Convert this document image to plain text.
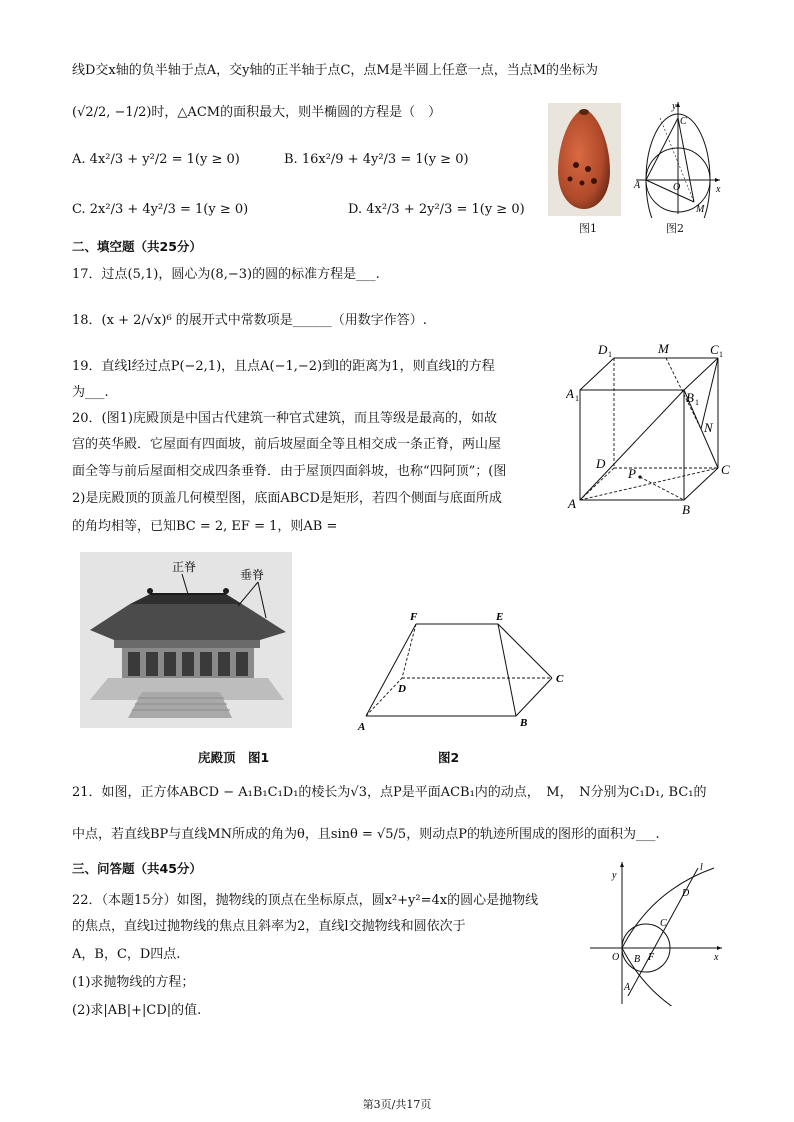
线D交x轴的负半轴于点A，交y轴的正半轴于点C，点M是半圆上任意一点，当点M的坐标为
(√2/2, −1/2)时，△ACM的面积最大，则半椭圆的方程是（　）
A. 4x²/3 + y²/2 = 1(y ≥ 0)	B. 16x²/9 + 4y²/3 = 1(y ≥ 0)
C. 2x²/3 + 4y²/3 = 1(y ≥ 0)	D. 4x²/3 + 2y²/3 = 1(y ≥ 0)
图1
y
x
C
A	O
M
图2
二、填空题（共25分）
17．过点(5,1)，圆心为(8,−3)的圆的标准方程是___.
18．(x + 2/√x)⁶ 的展开式中常数项是______（用数字作答）.
19．直线l经过点P(−2,1)，且点A(−1,−2)到l的距离为1，则直线l的方程
为___.
20．(图1)庑殿顶是中国古代建筑一种官式建筑，而且等级是最高的，如故
宫的英华殿．它屋面有四面坡，前后坡屋面全等且相交成一条正脊，两山屋
面全等与前后屋面相交成四条垂脊．由于屋顶四面斜坡，也称“四阿顶”；(图
2)是庑殿顶的顶盖几何模型图，底面ABCD是矩形，若四个侧面与底面所成
的角均相等，已知BC = 2, EF = 1，则AB =
D 1	M	C 1
A 1	B 1
N
D
P	C
A	B
正脊
垂脊
庑殿顶　图1
F	E
D
C
A	B
图2
21．如图，正方体ABCD − A₁B₁C₁D₁的棱长为√3，点P是平面ACB₁内的动点，　M，　N分别为C₁D₁, BC₁的
中点，若直线BP与直线MN所成的角为θ，且sinθ = √5/5，则动点P的轨迹所围成的图形的面积为___.
三、问答题（共45分）
22．（本题15分）如图，抛物线的顶点在坐标原点，圆x²+y²=4x的圆心是抛物线
的焦点，直线l过抛物线的焦点且斜率为2，直线l交抛物线和圆依次于
A，B，C，D四点.
(1)求抛物线的方程；
(2)求|AB|+|CD|的值.
y
l
D
C
O B F	x
A
第3页/共17页
